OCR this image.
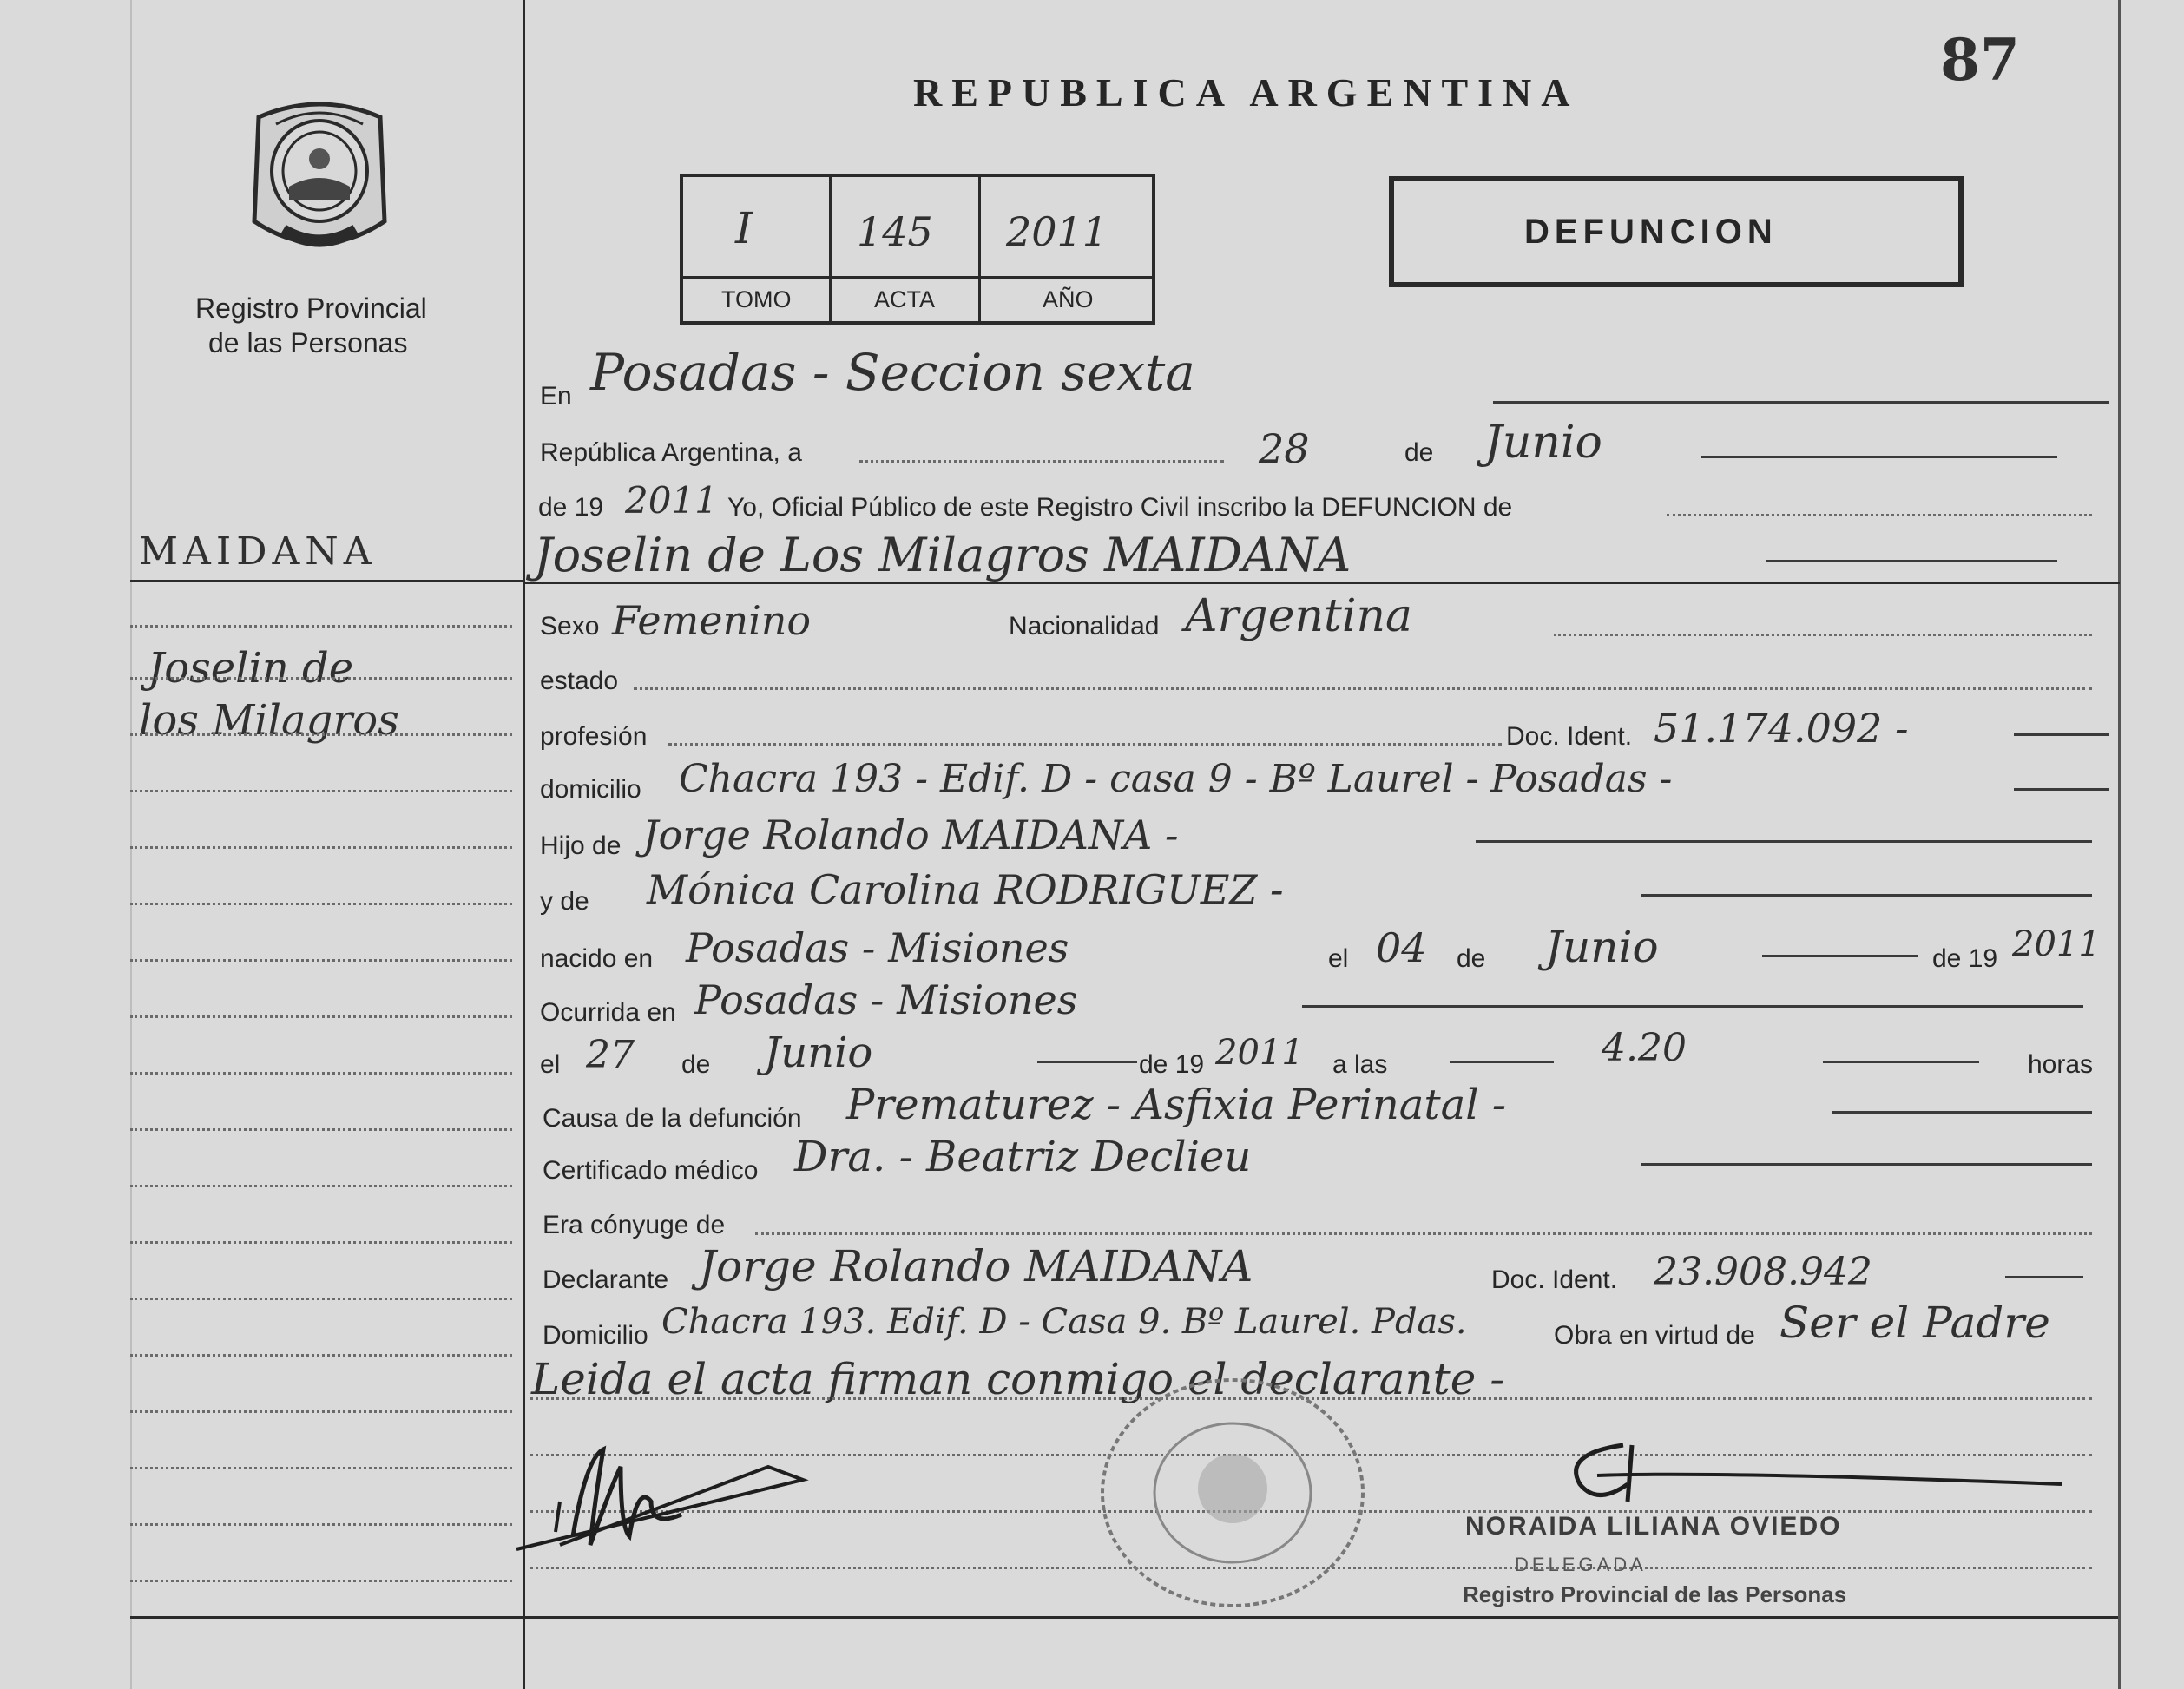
87
Registro Provincial
de las Personas
REPUBLICA ARGENTINA
I	145 2011
TOMO	ACTA	AÑO
DEFUNCION
MAIDANA
Joselin de
los Milagros
En Posadas - Seccion sexta
República Argentina, a	28	de Junio
de 19 2011 Yo, Oficial Público de este Registro Civil inscribo la DEFUNCION de
Joselin de Los Milagros MAIDANA
Sexo Femenino	Nacionalidad Argentina
estado
profesión	Doc. Ident. 51.174.092 -
domicilio Chacra 193 - Edif. D - casa 9 - Bº Laurel - Posadas -
Hijo de Jorge Rolando MAIDANA -
y de Mónica Carolina RODRIGUEZ -
nacido en Posadas - Misiones	el 04 de Junio	de 19 2011
Ocurrida en Posadas - Misiones
el 27 de Junio	de 19 2011 a las	4.20	horas
Causa de la defunción Prematurez - Asfixia Perinatal -
Certificado médico Dra. - Beatriz Declieu
Era cónyuge de
Declarante Jorge Rolando MAIDANA	Doc. Ident. 23.908.942
Domicilio Chacra 193. Edif. D - Casa 9. Bº Laurel. Pdas.	Obra en virtud de Ser el Padre
Leida el acta firman conmigo el declarante -
NORAIDA LILIANA OVIEDO
DELEGADA
Registro Provincial de las Personas
